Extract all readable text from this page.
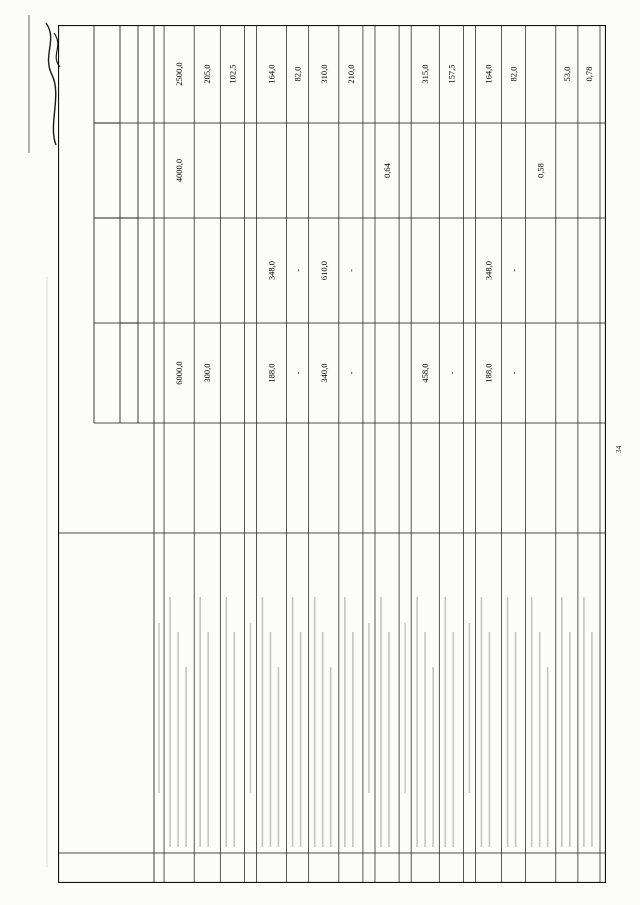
6000,0
4000,0
2500,0
300,0
205,0 102,5
188,0
348,0
164,0
-
-
82,0
340,0
610,0
310,0
-
-
210,0
0,64
458,0
315,0
-
157,5
188,0
348,0
164,0
-
-
82,0
0,58
53,0 0,78
34
